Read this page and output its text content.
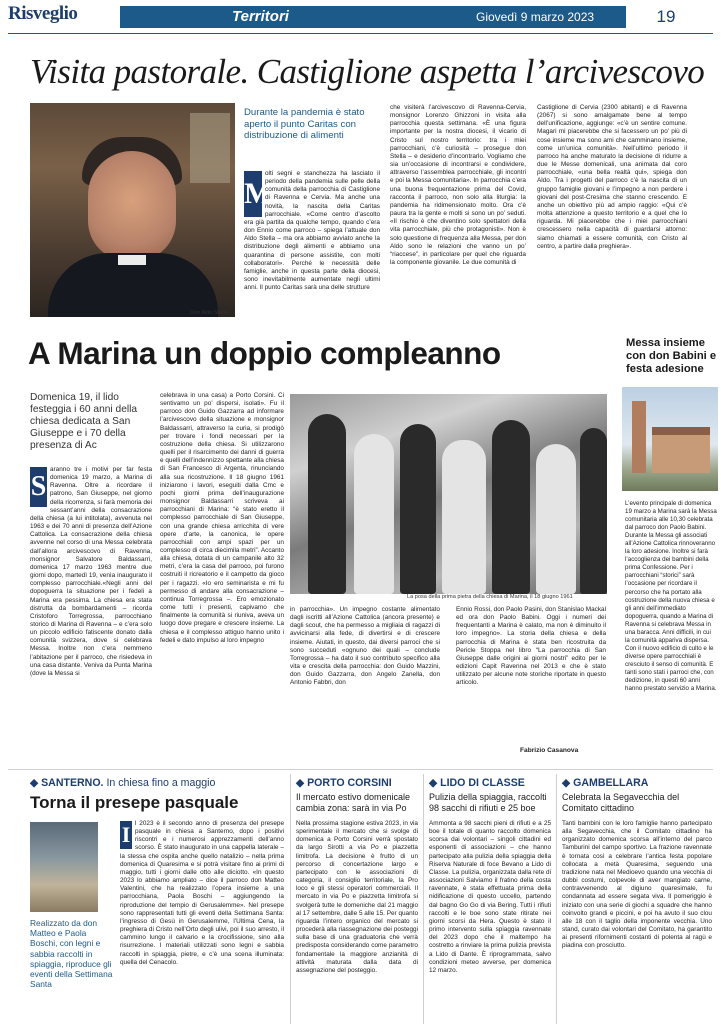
Risveglio	Territori	Giovedì 9 marzo 2023	19
Visita pastorale. Castiglione aspetta l’arcivescovo
Don Aldo Stella
Durante la pandemia è stato aperto il punto Caritas con distribuzione di alimenti
M
olti segni e stanchezza ha lasciato il periodo della pandemia sulle pelle della comunità della parrocchia di Castiglione di Ravenna e Cervia. Ma anche una novità, la nascita della Caritas parrocchiale. «Come centro d’ascolto era già partita da qualche tempo, quando c’era don Ennio come parroco – spiega l’attuale don Aldo Stella – ma ora abbiamo avviato anche la distribuzione degli alimenti e abbiamo una quarantina di persone assistite, con molti collaboratori». Perché le necessità delle famiglie, anche in questa parte della diocesi, sono inevitabilmente aumentate negli ultimi anni. Il punto Caritas sarà una delle strutture
che visiterà l’arcivescovo di Ravenna-Cervia, monsignor Lorenzo Ghizzoni in visita alla parrocchia questa settimana. «È una figura importante per la nostra diocesi, il vicario di Cristo sul nostro territorio: tra i miei parrocchiani, c’è curiosità – prosegue don Stella – e desiderio d’incontrarlo. Vogliamo che sia un’occasione di incontrarsi e condividere, attraverso l’assemblea parrocchiale, gli incontri e poi la Messa comunitaria». In parrocchia c’era una buona frequentazione prima del Covid, racconta il parroco, non solo alla liturgia: la pandemia ha ridimensionato molto. Ora c’è paura tra la gente e molti si sono un po’ seduti. «Il rischio è che diventino solo spettatori della vita parrocchiale, più che protagonisti». Non è solo questione di frequenza alla Messa, per don Aldo sono le relazioni che vanno un po’ “riaccese”, in particolare per quel che riguarda la componente giovanile. Le due comunità di
Castiglione di Cervia (2300 abitanti) e di Ravenna (2067) si sono amalgamate bene al tempo dell’unificazione, aggiunge: «c’è un sentire comune. Magari mi piacerebbe che si facessero un po’ più di cose insieme ma sono ami che camminano insieme, come un’unica comunità». Nell’ultimo periodo il parroco ha anche maturato la decisione di ridurre a due le Messe domenicali, una animata dal coro parrocchiale, «una bella realtà qui», spiega don Aldo. Tra i progetti del parroco c’è la nascita di un gruppo famiglie giovani e l’impegno a non perdere i giovani del post-Cresima che stanno crescendo. E anche un obiettivo più ad ampio raggio: «Qui c’è molta attenzione a questo territorio e a quel che lo riguarda. Mi piacerebbe che i miei parrocchiani crescessero nella capacità di guardarsi attorno: siamo chiamati a essere comunità, con Cristo al centro, a partire dalla preghiera».
A Marina un doppio compleanno
Domenica 19, il lido festeggia i 60 anni della chiesa dedicata a San Giuseppe e i 70 della presenza di Ac
S
aranno tre i motivi per far festa domenica 19 marzo, a Marina di Ravenna. Oltre a ricordare il patrono, San Giuseppe, nel giorno della ricorrenza, si farà memoria dei sessant’anni della consacrazione della chiesa (a lui intitolata), avvenuta nel 1963 e dei 70 anni di presenza dell’Azione Cattolica. La consacrazione della chiesa avvenne nel corso di una Messa celebrata dall’allora arcivescovo di Ravenna, monsignor Salvatore Baldassarri, domenica 17 marzo 1963 mentre due giorni dopo, martedì 19, venìa inaugurato il complesso parrocchiale.«Negli anni del dopoguerra la situazione per i fedeli a Marina era pessima. La chiesa era stata distrutta da bombardamenti – ricorda Cristoforo Torregrossa, parrocchiano storico di Marina di Ravenna – e c’era solo un piccolo edificio fatiscente donato dalla comunità svizzera, dove si celebrava Messa. Inoltre non c’era nemmeno l’abitazione per il parroco, che risiedeva in una casa distante. Veniva da Punta Marina (dove la Messa si
celebrava in una casa) a Porto Corsini. Ci sentivamo un po’ dispersi, isolati». Fu il parroco don Guido Gazzarra ad informare l’arcivescovo della situazione e monsignor Baldassarri, attraverso la curia, si prodigò per trovare i fondi necessari per la costruzione della chiesa. Si utilizzarono quelli per il risarcimento dei danni di guerra e quelli dell’indennizzo spettante alla chiesa di San Francesco di Argenta, rinunciando alla sua ricostruzione. Il 18 giugno 1961 iniziarono i lavori, eseguiti dalla Cmc e pochi giorni prima dell’inaugurazione monsignor Baldassarri scriveva ai parrocchiani di Marina: “è stato eretto il complesso parrocchiale di San Giuseppe, con una grande chiesa arricchita di vere opere d’arte, la canonica, le opere parrocchiali con ampi spazi per un complesso di circa diecimila metri”. Accanto alla chiesa, dotata di un campanile alto 32 metri, c’era la casa del parroco, poi furono costruiti il ricreatorio e il campetto da gioco per i ragazzi. «Io ero seminarista e mi fu permesso di andare alla consacrazione – continua Torregrossa –. Ero emozionato come tutti i presenti, capivamo che finalmente la comunità si riuniva, aveva un luogo dove pregare e crescere insieme. La chiesa e il complesso attiguo hanno unito i fedeli e dato impulso al loro impegno
La posa della prima pietra della chiesa di Marina, il 18 giugno 1961
in parrocchia». Un impegno costante alimentato dagli iscritti all’Azione Cattolica (ancora presente) e dagli scout, che ha permesso a migliaia di ragazzi di avvicinarsi alla fede, di divertirsi e di crescere insieme. Aiutati, in questo, dai diversi parroci che si sono succeduti «ognuno dei quali – conclude Torregrossa – ha dato il suo contributo specifico alla vita e crescita della parrocchia: don Guido Mazzini, don Guido Gazzarra, don Angelo Zanella, don Antonio Fabbri, don
Ennio Rossi, don Paolo Pasini, don Stanislao Mackal ed ora don Paolo Babini. Oggi i numeri dei frequentanti a Marina è calato, ma non è diminuito il loro impegno». La storia della chiesa e della parrocchia di Marina è stata ben ricostruita da Pericle Stoppa nel libro “La parrocchia di San Giuseppe dalle origini ai giorni nostri” edito per le edizioni Capit Ravenna nel 2013 e che è stato utilizzato per alcune note storiche riportate in questo articolo.
Fabrizio Casanova
Messa insieme con don Babini e festa adesione
L’evento principale di domenica 19 marzo a Marina sarà la Messa comunitaria alle 10,30 celebrata dal parroco don Paolo Babini. Durante la Messa gli associati all’Azione Cattolica rinnoveranno la loro adesione. Inoltre si farà l’accoglienza dei bambini della prima Confessione. Per i parrocchiani “storici” sarà l’occasione per ricordare il percorso che ha portato alla costruzione della nuova chiesa e gli anni dell’immediato dopoguerra, quando a Marina di Ravenna si celebrava Messa in una baracca. Anni difficili, in cui la comunità appariva dispersa. Con il nuovo edificio di culto e le diverse opere parrocchiali è cresciuto il senso di comunità. E tanti sono stati i parroci che, con dedizione, in questi 60 anni hanno prestato servizio a Marina.
◆ SANTERNO. In chiesa fino a maggio
Torna il presepe pasquale
Realizzato da don Matteo e Paola Boschi, con legni e sabbia raccolti in spiaggia, riproduce gli eventi della Settimana Santa
I l 2023 è il secondo anno di presenza del presepe pasquale in chiesa a Santerno, dopo i positivi riscontri e i numerosi apprezzamenti dell’anno scorso. È stato inaugurato in una cappella laterale – la stessa che ospita anche quello natalizio – nella prima domenica di Quaresima e si potrà visitare fino ai primi di maggio, tutti i giorni dalle otto alle diciotto. «In questo 2023 lo abbiamo ampliato – dice il parroco don Matteo Valentini, che ha realizzato l’opera insieme a una parrocchiana, Paola Boschi – aggiungendo la riproduzione del tempio di Gerusalemme». Nel presepe sono rappresentati tutti gli eventi della Settimana Santa: l’ingresso di Gesù in Gerusalemme, l’Ultima Cena, la preghiera di Cristo nell’Orto degli ulivi, poi il suo arresto, il cammino lungo il calvario e la crocifissione, sino alla risurrezione. I materiali utilizzati sono legni e sabbia raccolti in spiaggia, pietre, e c’è una scena illuminata: quella del Cenacolo.
◆ PORTO CORSINI
Il mercato estivo domenicale cambia zona: sarà in via Po
Nella prossima stagione estiva 2023, in via sperimentale il mercato che si svolge di domenica a Porto Corsini verrà spostato da largo Sirotti a via Po e piazzetta limitrofa. La decisione è frutto di un percorso di concertazione largo e partecipato con le associazioni di categoria, il consiglio territoriale, la Pro loco e gli stessi operatori commerciali. Il mercato in via Po e piazzetta limitrofa si svolgerà tutte le domeniche dal 21 maggio al 17 settembre, dalle 5 alle 15. Per quanto riguarda l’intero organico del mercato si procederà alla riassegnazione dei posteggi sulla base di una graduatoria che verrà predisposta considerando come parametro fondamentale la maggiore anzianità di attività maturata dalla data di assegnazione del posteggio.
◆ LIDO DI CLASSE
Pulizia della spiaggia, raccolti 98 sacchi di rifiuti e 25 boe
Ammonta a 98 sacchi pieni di rifiuti e a 25 boe il totale di quanto raccolto domenica scorsa dai volontari – singoli cittadini ed esponenti di associazioni – che hanno partecipato alla pulizia della spiaggia della Riserva Naturale di foce Bevano a Lido di Classe. La pulizia, organizzata dalla rete di associazioni Salviamo il fratino della costa ravennate, è stata effettuata prima della nidificazione di questo uccello, partendo dal bagno Go Go di via Bering. Tutti i rifiuti raccolti e le boe sono state ritirate nei giorni scorsi da Hera. Questo è stato il primo intervento sulla spiaggia ravennate del 2023 dopo che il maltempo ha costretto a rinviare la prima pulizia prevista a Lido di Dante. È riprogrammata, salvo condizioni meteo avverse, per domenica 12 marzo.
◆ GAMBELLARA
Celebrata la Segavecchia del Comitato cittadino
Tanti bambini con le loro famiglie hanno partecipato alla Segavecchia, che il Comitato cittadino ha organizzato domenica scorsa all’interno del parco Tamburini del campo sportivo. La frazione ravennate è tornata così a celebrare l’antica festa popolare collocata a metà Quaresima, seguendo una tradizione nata nel Medioevo quando una vecchia di dubbi costumi, colpevole di aver mangiato carne, contravvenendo al digiuno quaresimale, fu condannata ad essere segata viva. Il pomeriggio è iniziato con una serie di giochi a squadre che hanno coinvolto grandi e piccini, e poi ha avuto il suo clou alle 18 con il taglio della imponente vecchia. Uno stand, curato dai volontari del Comitato, ha garantito ai presenti rifornimenti costanti di polenta al ragù e piadina con prosciutto.
